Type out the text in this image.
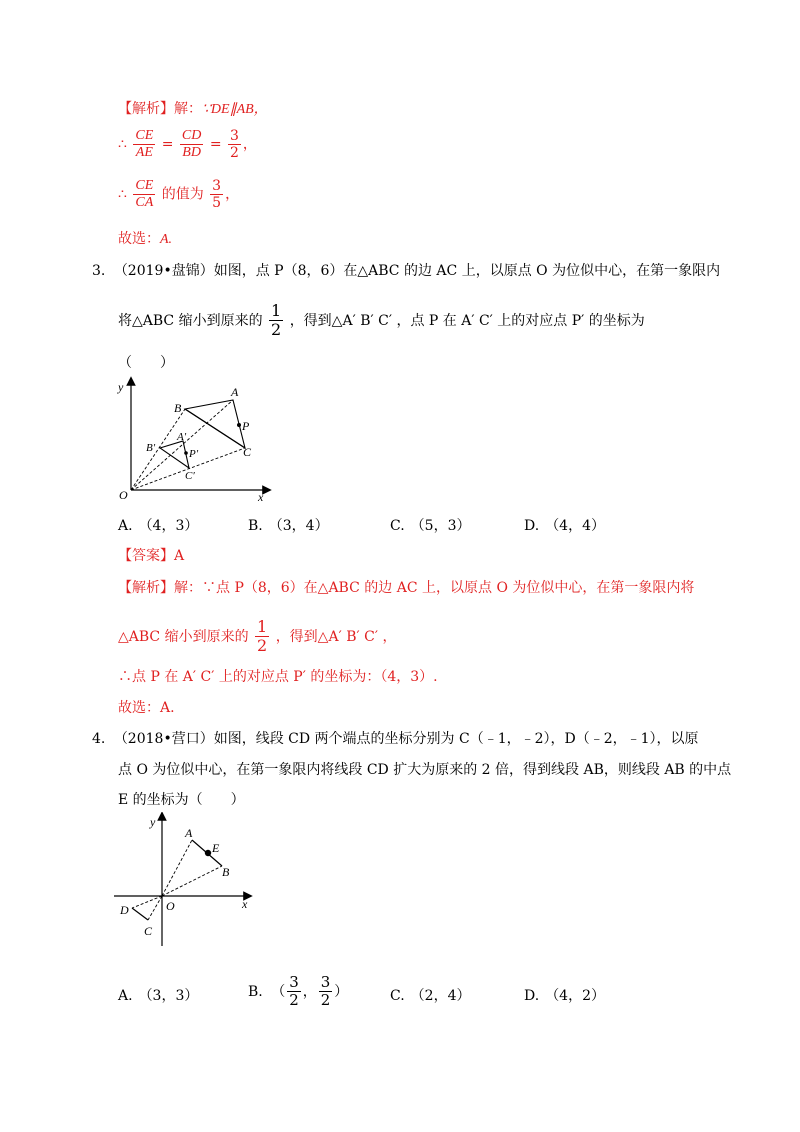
【解析】解：∵DE∥AB，
∴ $\frac{CE}{AE} = \frac{CD}{BD} = \frac{3}{2}$ ，
∴ $\frac{CE}{CA}$ 的值为 $\frac{3}{5}$ ，
故选：A.
3. （2019•盘锦）如图，点 P（8，6）在△ABC 的边 AC 上，以原点 O 为位似中心，在第一象限内
将△ABC 缩小到原来的 $\frac{1}{2}$ ，得到△A′ B′ C′ ，点 P 在 A′ C′ 上的对应点 P′ 的坐标为
（　　）
y
x
O
B
A
P
C
B′
A′
P′
C′
A. （4，3）	B. （3，4）	C. （5，3）	D. （4，4）
【答案】A
【解析】解：∵点 P（8，6）在△ABC 的边 AC 上，以原点 O 为位似中心，在第一象限内将
△ABC 缩小到原来的 $\frac{1}{2}$ ，得到△A′ B′ C′ ，
∴点 P 在 A′ C′ 上的对应点 P′ 的坐标为：（4，3）.
故选：A.
4. （2018•营口）如图，线段 CD 两个端点的坐标分别为 C（﹣1，﹣2），D（﹣2，﹣1），以原
点 O 为位似中心，在第一象限内将线段 CD 扩大为原来的 2 倍，得到线段 AB，则线段 AB 的中点
E 的坐标为（　　）
y
x
O
A
E
B
D
C
A. （3，3）	B. （ $\frac{3}{2}$ ， $\frac{3}{2}$ ）	C. （2，4）	D. （4，2）
